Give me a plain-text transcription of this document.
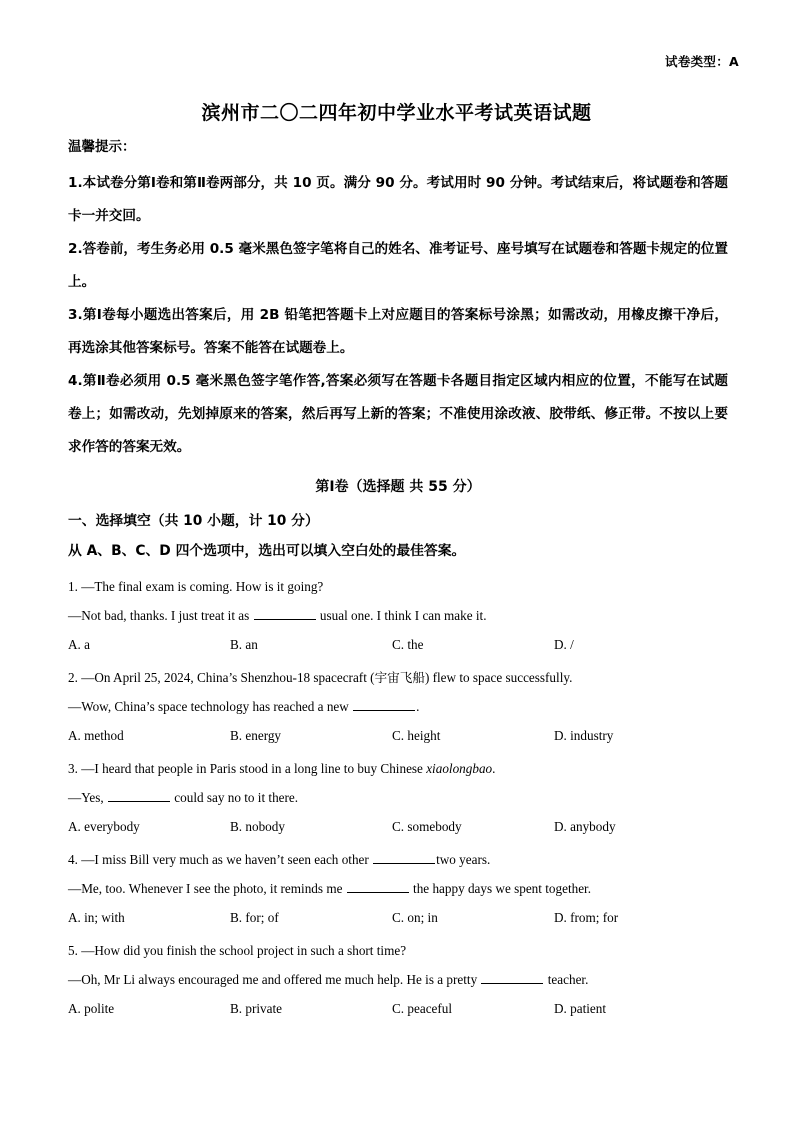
试卷类型：A
滨州市二〇二四年初中学业水平考试英语试题

温馨提示：

1.本试卷分第Ⅰ卷和第Ⅱ卷两部分，共 10 页。满分 90 分。考试用时 90 分钟。考试结束后，将试题卷和答题卡一并交回。

2.答卷前，考生务必用 0.5 毫米黑色签字笔将自己的姓名、准考证号、座号填写在试题卷和答题卡规定的位置上。

3.第Ⅰ卷每小题选出答案后，用 2B 铅笔把答题卡上对应题目的答案标号涂黑；如需改动，用橡皮擦干净后，再选涂其他答案标号。答案不能答在试题卷上。

4.第Ⅱ卷必须用 0.5 毫米黑色签字笔作答,答案必须写在答题卡各题目指定区域内相应的位置，不能写在试题卷上；如需改动，先划掉原来的答案，然后再写上新的答案；不准使用涂改液、胶带纸、修正带。不按以上要求作答的答案无效。

第Ⅰ卷（选择题 共 55 分）

一、选择填空（共 10 小题，计 10 分）

从 A、B、C、D 四个选项中，选出可以填入空白处的最佳答案。

1. —The final exam is coming. How is it going?

—Not bad, thanks. I just treat it as	usual one. I think I can make it.

A. a	B. an	C. the	D. /

2. —On April 25, 2024, China’s Shenzhou-18 spacecraft (宇宙飞船) flew to space successfully.

—Wow, China’s space technology has reached a new	.

A. method	B. energy	C. height	D. industry

3. —I heard that people in Paris stood in a long line to buy Chinese xiaolongbao.

—Yes,	could say no to it there.

A. everybody	B. nobody	C. somebody	D. anybody

4. —I miss Bill very much as we haven’t seen each other	two years.

—Me, too. Whenever I see the photo, it reminds me	the happy days we spent together.

A. in; with	B. for; of	C. on; in	D. from; for

5. —How did you finish the school project in such a short time?

—Oh, Mr Li always encouraged me and offered me much help. He is a pretty	teacher.

A. polite	B. private	C. peaceful	D. patient
